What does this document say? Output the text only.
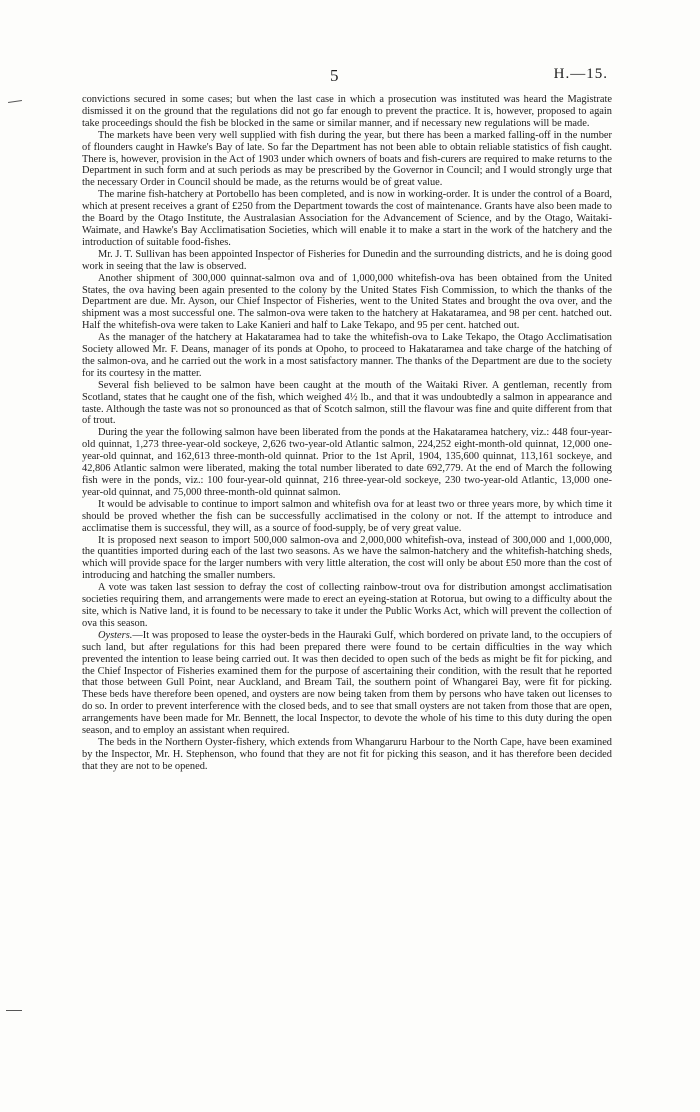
5	H.—15.

convictions secured in some cases; but when the last case in which a prosecution was instituted was heard the Magistrate dismissed it on the ground that the regulations did not go far enough to prevent the practice. It is, however, proposed to again take proceedings should the fish be blocked in the same or similar manner, and if necessary new regulations will be made.

The markets have been very well supplied with fish during the year, but there has been a marked falling-off in the number of flounders caught in Hawke's Bay of late. So far the Department has not been able to obtain reliable statistics of fish caught. There is, however, provision in the Act of 1903 under which owners of boats and fish-curers are required to make returns to the Department in such form and at such periods as may be prescribed by the Governor in Council; and I would strongly urge that the necessary Order in Council should be made, as the returns would be of great value.

The marine fish-hatchery at Portobello has been completed, and is now in working-order. It is under the control of a Board, which at present receives a grant of £250 from the Department towards the cost of maintenance. Grants have also been made to the Board by the Otago Institute, the Australasian Association for the Advancement of Science, and by the Otago, Waitaki-Waimate, and Hawke's Bay Acclimatisation Societies, which will enable it to make a start in the work of the hatchery and the introduction of suitable food-fishes.

Mr. J. T. Sullivan has been appointed Inspector of Fisheries for Dunedin and the surrounding districts, and he is doing good work in seeing that the law is observed.

Another shipment of 300,000 quinnat-salmon ova and of 1,000,000 whitefish-ova has been obtained from the United States, the ova having been again presented to the colony by the United States Fish Commission, to which the thanks of the Department are due. Mr. Ayson, our Chief Inspector of Fisheries, went to the United States and brought the ova over, and the shipment was a most successful one. The salmon-ova were taken to the hatchery at Hakataramea, and 98 per cent. hatched out. Half the whitefish-ova were taken to Lake Kanieri and half to Lake Tekapo, and 95 per cent. hatched out.

As the manager of the hatchery at Hakataramea had to take the whitefish-ova to Lake Tekapo, the Otago Acclimatisation Society allowed Mr. F. Deans, manager of its ponds at Opoho, to proceed to Hakataramea and take charge of the hatching of the salmon-ova, and he carried out the work in a most satisfactory manner. The thanks of the Department are due to the society for its courtesy in the matter.

Several fish believed to be salmon have been caught at the mouth of the Waitaki River. A gentleman, recently from Scotland, states that he caught one of the fish, which weighed 4½ lb., and that it was undoubtedly a salmon in appearance and taste. Although the taste was not so pronounced as that of Scotch salmon, still the flavour was fine and quite different from that of trout.

During the year the following salmon have been liberated from the ponds at the Hakataramea hatchery, viz.: 448 four-year-old quinnat, 1,273 three-year-old sockeye, 2,626 two-year-old Atlantic salmon, 224,252 eight-month-old quinnat, 12,000 one-year-old quinnat, and 162,613 three-month-old quinnat. Prior to the 1st April, 1904, 135,600 quinnat, 113,161 sockeye, and 42,806 Atlantic salmon were liberated, making the total number liberated to date 692,779. At the end of March the following fish were in the ponds, viz.: 100 four-year-old quinnat, 216 three-year-old sockeye, 230 two-year-old Atlantic, 13,000 one-year-old quinnat, and 75,000 three-month-old quinnat salmon.

It would be advisable to continue to import salmon and whitefish ova for at least two or three years more, by which time it should be proved whether the fish can be successfully acclimatised in the colony or not. If the attempt to introduce and acclimatise them is successful, they will, as a source of food-supply, be of very great value.

It is proposed next season to import 500,000 salmon-ova and 2,000,000 whitefish-ova, instead of 300,000 and 1,000,000, the quantities imported during each of the last two seasons. As we have the salmon-hatchery and the whitefish-hatching sheds, which will provide space for the larger numbers with very little alteration, the cost will only be about £50 more than the cost of introducing and hatching the smaller numbers.

A vote was taken last session to defray the cost of collecting rainbow-trout ova for distribution amongst acclimatisation societies requiring them, and arrangements were made to erect an eyeing-station at Rotorua, but owing to a difficulty about the site, which is Native land, it is found to be necessary to take it under the Public Works Act, which will prevent the collection of ova this season.

Oysters.—It was proposed to lease the oyster-beds in the Hauraki Gulf, which bordered on private land, to the occupiers of such land, but after regulations for this had been prepared there were found to be certain difficulties in the way which prevented the intention to lease being carried out. It was then decided to open such of the beds as might be fit for picking, and the Chief Inspector of Fisheries examined them for the purpose of ascertaining their condition, with the result that he reported that those between Gull Point, near Auckland, and Bream Tail, the southern point of Whangarei Bay, were fit for picking. These beds have therefore been opened, and oysters are now being taken from them by persons who have taken out licenses to do so. In order to prevent interference with the closed beds, and to see that small oysters are not taken from those that are open, arrangements have been made for Mr. Bennett, the local Inspector, to devote the whole of his time to this duty during the open season, and to employ an assistant when required.

The beds in the Northern Oyster-fishery, which extends from Whangaruru Harbour to the North Cape, have been examined by the Inspector, Mr. H. Stephenson, who found that they are not fit for picking this season, and it has therefore been decided that they are not to be opened.
